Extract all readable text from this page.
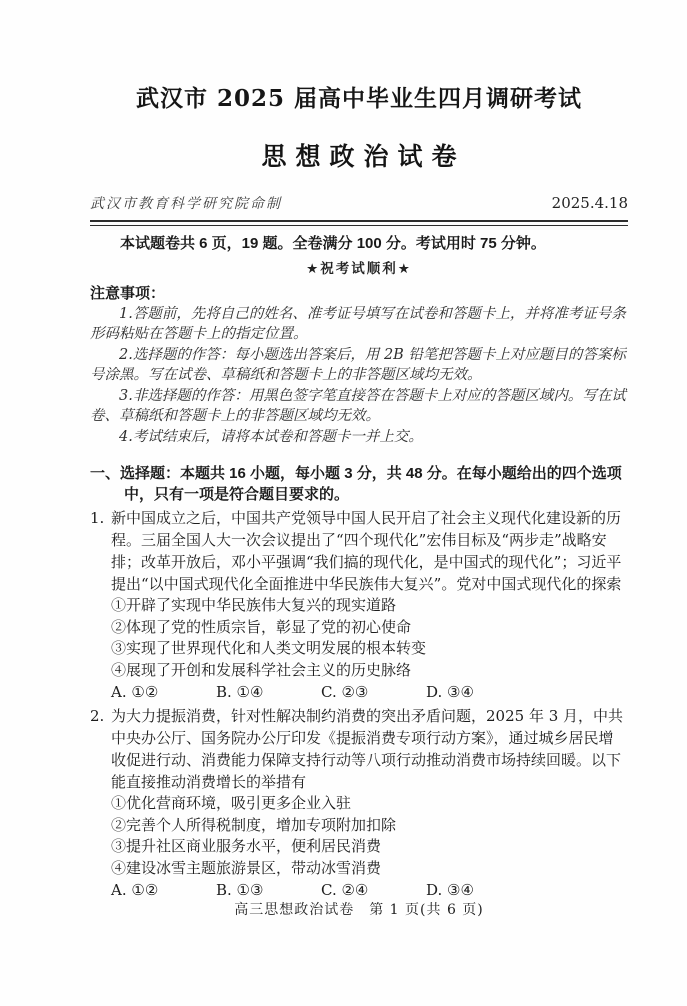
武汉市 2025 届高中毕业生四月调研考试
思想政治试卷
武汉市教育科学研究院命制	2025.4.18

本试题卷共 6 页，19 题。全卷满分 100 分。考试用时 75 分钟。

★祝考试顺利★

注意事项：

1.答题前，先将自己的姓名、准考证号填写在试卷和答题卡上，并将准考证号条形码粘贴在答题卡上的指定位置。

2.选择题的作答：每小题选出答案后，用 2B 铅笔把答题卡上对应题目的答案标号涂黑。写在试卷、草稿纸和答题卡上的非答题区域均无效。

3.非选择题的作答：用黑色签字笔直接答在答题卡上对应的答题区域内。写在试卷、草稿纸和答题卡上的非答题区域均无效。

4.考试结束后，请将本试卷和答题卡一并上交。

一、选择题：本题共 16 小题，每小题 3 分，共 48 分。在每小题给出的四个选项中，只有一项是符合题目要求的。

1. 新中国成立之后，中国共产党领导中国人民开启了社会主义现代化建设新的历程。三届全国人大一次会议提出了“四个现代化”宏伟目标及“两步走”战略安排；改革开放后，邓小平强调“我们搞的现代化，是中国式的现代化”；习近平提出“以中国式现代化全面推进中华民族伟大复兴”。党对中国式现代化的探索

①开辟了实现中华民族伟大复兴的现实道路

②体现了党的性质宗旨，彰显了党的初心使命

③实现了世界现代化和人类文明发展的根本转变

④展现了开创和发展科学社会主义的历史脉络

A. ①②	B. ①④	C. ②③	D. ③④

2. 为大力提振消费，针对性解决制约消费的突出矛盾问题，2025 年 3 月，中共中央办公厅、国务院办公厅印发《提振消费专项行动方案》，通过城乡居民增收促进行动、消费能力保障支持行动等八项行动推动消费市场持续回暖。以下能直接推动消费增长的举措有

①优化营商环境，吸引更多企业入驻

②完善个人所得税制度，增加专项附加扣除

③提升社区商业服务水平，便利居民消费

④建设冰雪主题旅游景区，带动冰雪消费

A. ①②	B. ①③	C. ②④	D. ③④
高三思想政治试卷　第 1 页(共 6 页)
